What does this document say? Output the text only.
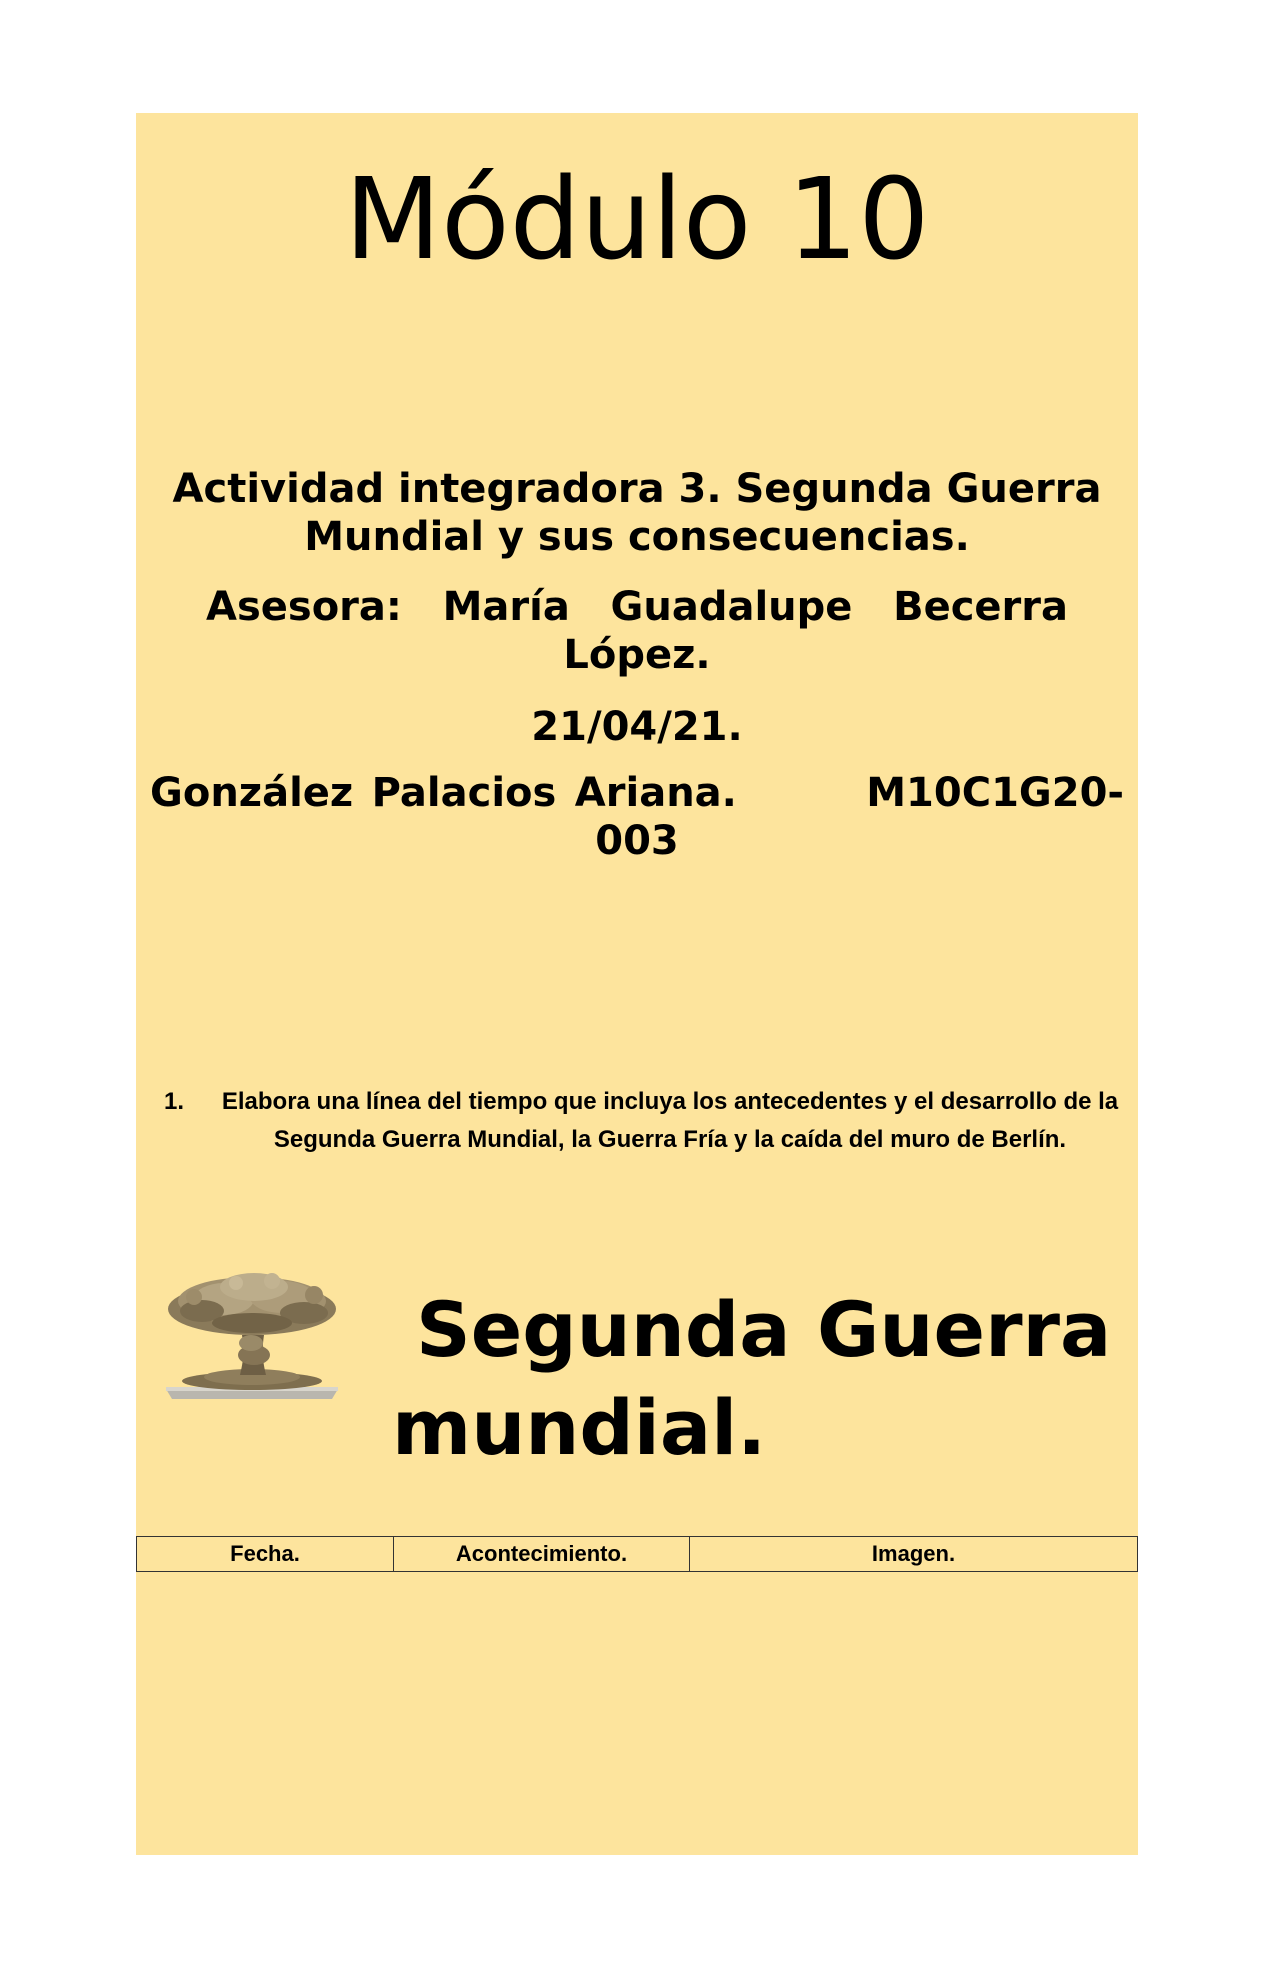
Módulo 10

Actividad integradora 3. Segunda Guerra Mundial y sus consecuencias.

Asesora: María Guadalupe Becerra López.

21/04/21.

González Palacios Ariana.       M10C1G20-003

1.	Elabora una línea del tiempo que incluya los antecedentes y el desarrollo de la Segunda Guerra Mundial, la Guerra Fría y la caída del muro de Berlín.
Segunda Guerra
mundial.
Fecha.	Acontecimiento.	Imagen.
